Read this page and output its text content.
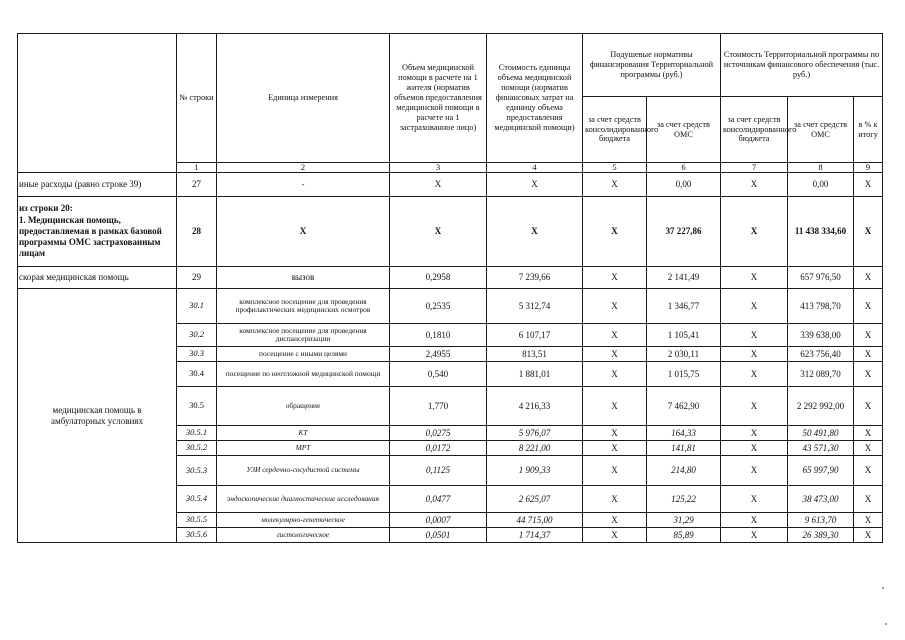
	№ строки	Единица измерения	Объем медицинской помощи в расчете на 1 жителя (норматив объемов предоставления медицинской помощи в расчете на 1 застрахованное лицо)	Стоимость единицы объема медицинской помощи (норматив финансовых затрат на единицу объема предоставления медицинской помощи)	Подушевые нормативы финансирования Территориальной программы (руб.)		Стоимость Территориальной программы по источникам финансового обеспечения (тыс. руб.)		
					за счет средств консолидированного бюджета	за счет средств ОМС	за счет средств консолидированного бюджета	за счет средств ОМС	в % к итогу
	1	2	3	4	5	6	7	8	9
иные расходы (равно строке 39)	27	-	X	X	X	0,00	X	0,00	X
из строки 20:
1. Медицинская помощь, предоставляемая в рамках базовой программы ОМС застрахованным лицам	28	X	X	X	X	37 227,86	X	11 438 334,60	X
скорая медицинская помощь	29	вызов	0,2958	7 239,66	X	2 141,49	X	657 976,50	X
медицинская помощь в амбулаторных условиях	30.1	комплексное посещение для проведения профилактических медицинских осмотров	0,2535	5 312,74	X	1 346,77	X	413 798,70	X
	30.2	комплексное посещение для проведения диспансеризации	0,1810	6 107,17	X	1 105,41	X	339 638,00	X
	30.3	посещение с иными целями	2,4955	813,51	X	2 030,11	X	623 756,40	X
	30.4	посещение по неотложной медицинской помощи	0,540	1 881,01	X	1 015,75	X	312 089,70	X
	30.5	обращение	1,770	4 216,33	X	7 462,90	X	2 292 992,00	X
	30.5.1	КТ	0,0275	5 976,07	X	164,33	X	50 491,80	X
	30.5.2	МРТ	0,0172	8 221,00	X	141,81	X	43 571,30	X
	30.5.3	УЗИ сердечно-сосудистой системы	0,1125	1 909,33	X	214,80	X	65 997,90	X
	30.5.4	эндоскопические диагностические исследования	0,0477	2 625,07	X	125,22	X	38 473,00	X
	30.5.5	молекулярно-генетическое	0,0007	44 715,00	X	31,29	X	9 613,70	X
	30.5.6	гистологическое	0,0501	1 714,37	X	85,89	X	26 389,30	X
